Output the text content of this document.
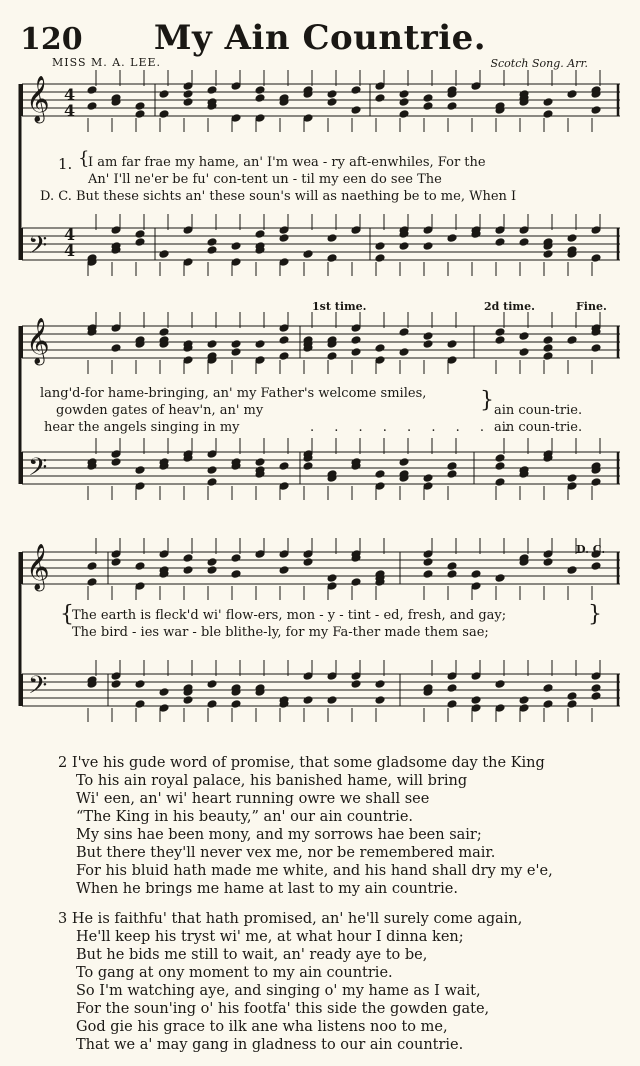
120	My Ain Countrie.
MISS M. A. LEE.	Scotch Song. Arr.
𝄞
𝄢
4
4
4
4
𝄞
𝄢
𝄞
𝄢
1. {
I am far frae my hame, an' I'm wea - ry aft-enwhiles, For the
An' I'll ne'er be fu' con-tent un - til my een do see The
D. C. But these sichts an' these soun's will as naething be to me, When I
1st time.	2d time.	Fine.
lang'd-for hame-bringing, an' my Father's welcome smiles,
gowden gates of heav'n, an' my	} ain coun-trie.
hear the angels singing in my	. . . . . . . . .
ain coun-trie.
D. C.
{
The earth is fleck'd wi' flow-ers, mon - y - tint - ed, fresh, and gay;
The bird - ies war - ble blithe-ly, for my Fa-ther made them sae;
}
2 I've his gude word of promise, that some gladsome day the King
To his ain royal palace, his banished hame, will bring
Wi' een, an' wi' heart running owre we shall see
“The King in his beauty,” an' our ain countrie.
My sins hae been mony, and my sorrows hae been sair;
But there they'll never vex me, nor be remembered mair.
For his bluid hath made me white, and his hand shall dry my e'e,
When he brings me hame at last to my ain countrie.
3 He is faithfu' that hath promised, an' he'll surely come again,
He'll keep his tryst wi' me, at what hour I dinna ken;
But he bids me still to wait, an' ready aye to be,
To gang at ony moment to my ain countrie.
So I'm watching aye, and singing o' my hame as I wait,
For the soun'ing o' his footfa' this side the gowden gate,
God gie his grace to ilk ane wha listens noo to me,
That we a' may gang in gladness to our ain countrie.
